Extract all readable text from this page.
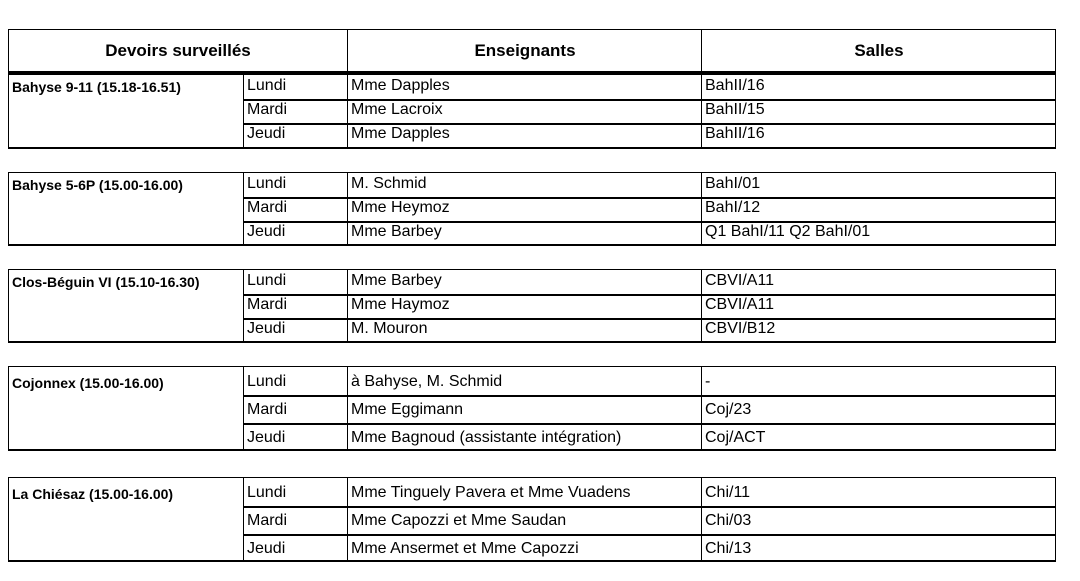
Devoirs surveillés	Enseignants	Salles
Bahyse 9-11 (15.18-16.51)	Lundi	Mme Dapples	BahII/16
Mardi	Mme Lacroix	BahII/15
Jeudi	Mme Dapples	BahII/16
Bahyse 5-6P (15.00-16.00)	Lundi	M. Schmid	BahI/01
Mardi	Mme Heymoz	BahI/12
Jeudi	Mme Barbey	Q1 BahI/11 Q2 BahI/01
Clos-Béguin VI (15.10-16.30)	Lundi	Mme Barbey	CBVI/A11
Mardi	Mme Haymoz	CBVI/A11
Jeudi	M. Mouron	CBVI/B12
Cojonnex (15.00-16.00)	Lundi	à Bahyse, M. Schmid	-
Mardi	Mme Eggimann	Coj/23
Jeudi	Mme Bagnoud (assistante intégration)	Coj/ACT
La Chiésaz (15.00-16.00)	Lundi	Mme Tinguely Pavera et Mme Vuadens	Chi/11
Mardi	Mme Capozzi et Mme Saudan	Chi/03
Jeudi	Mme Ansermet et Mme Capozzi	Chi/13
